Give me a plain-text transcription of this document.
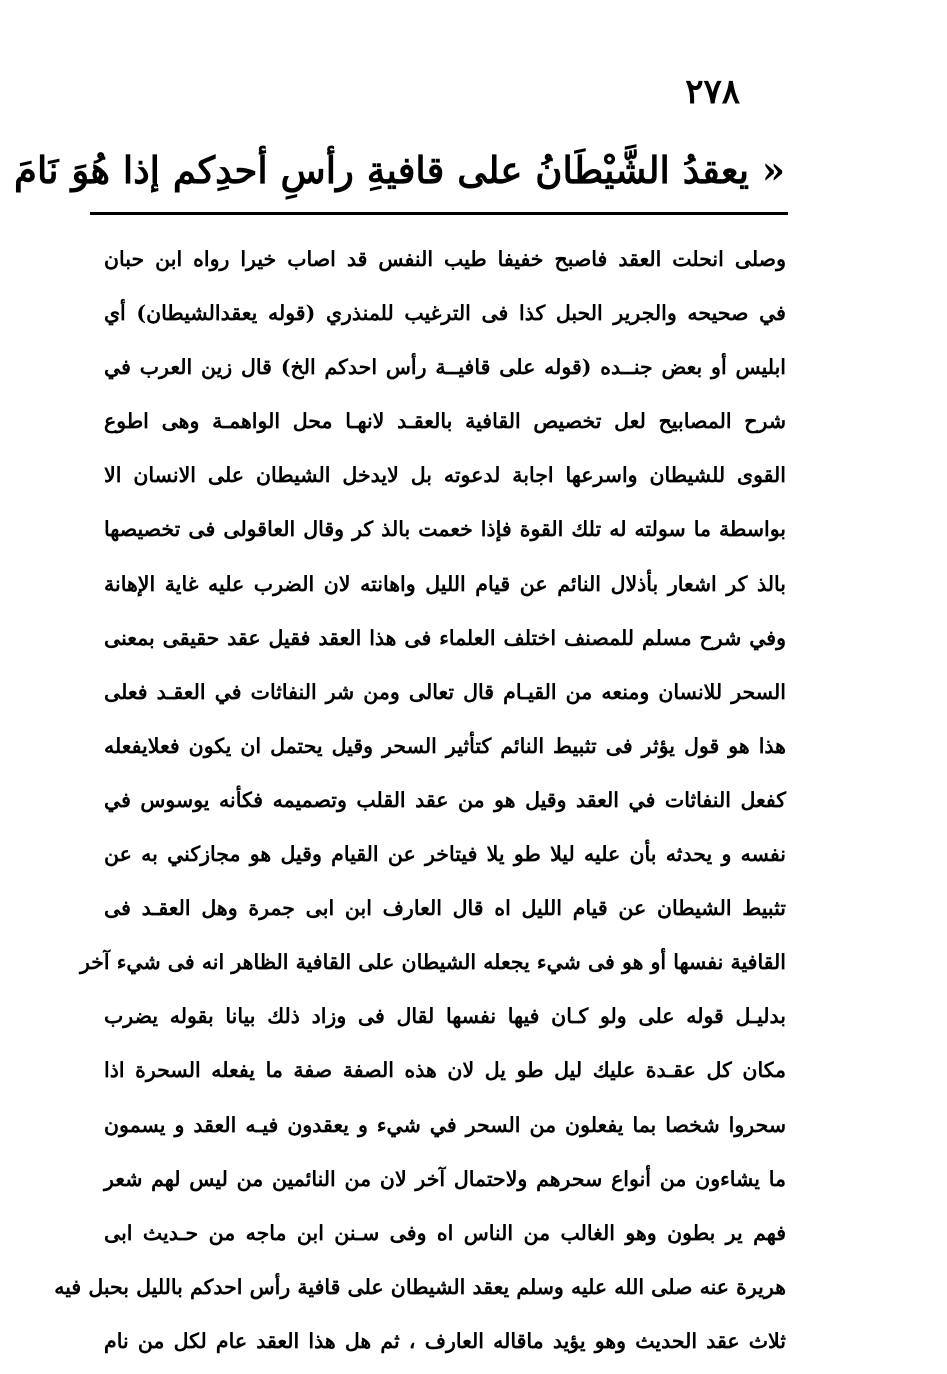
٢٧٨
« يعقدُ الشَّيْطَانُ على قافيةِ رأسِ أحدِكم إذا هُوَ نَامَ
وصلى انحلت العقد فاصبح خفيفا طيب النفس قد اصاب خيرا رواه ابن حبان
في صحيحه والجرير الحبل كذا فى الترغيب للمنذري (قوله يعقدالشيطان) أي
ابليس أو بعض جنــده (قوله على قافيــة رأس احدكم الخ) قال زين العرب في
شرح المصابيح لعل تخصيص القافية بالعقـد لانهـا محل الواهمـة وهى اطوع
القوى للشيطان واسرعها اجابة لدعوته بل لايدخل الشيطان على الانسان الا
بواسطة ما سولته له تلك القوة فإذا خعمت بالذ كر وقال العاقولى فى تخصيصها
بالذ كر اشعار بأذلال النائم عن قيام الليل واهانته لان الضرب عليه غاية الإهانة
وفي شرح مسلم للمصنف اختلف العلماء فى هذا العقد فقيل عقد حقيقى بمعنى
السحر للانسان ومنعه من القيـام قال تعالى ومن شر النفاثات في العقـد فعلى
هذا هو قول يؤثر فى تثبيط النائم كتأثير السحر وقيل يحتمل ان يكون فعلايفعله
كفعل النفاثات في العقد وقيل هو من عقد القلب وتصميمه فكأنه يوسوس في
نفسه و يحدثه بأن عليه ليلا طو يلا فيتاخر عن القيام وقيل هو مجازكني به عن
تثبيط الشيطان عن قيام الليل اه قال العارف ابن ابى جمرة وهل العقـد فى
القافية نفسها أو هو فى شيء يجعله الشيطان على القافية الظاهر انه فى شيء آخر
بدليـل قوله على ولو كـان فيها نفسها لقال فى وزاد ذلك بيانا بقوله يضرب
مكان كل عقـدة عليك ليل طو يل لان هذه الصفة صفة ما يفعله السحرة اذا
سحروا شخصا بما يفعلون من السحر في شيء و يعقدون فيـه العقد و يسمون
ما يشاءون من أنواع سحرهم ولاحتمال آخر لان من النائمين من ليس لهم شعر
فهم ير بطون وهو الغالب من الناس اه وفى سـنن ابن ماجه من حـديث ابى
هريرة عنه صلى الله عليه وسلم يعقد الشيطان على قافية رأس احدكم بالليل بحبل فيه
ثلاث عقد الحديث وهو يؤيد ماقاله العارف ، ثم هل هذا العقد عام لكل من نام
